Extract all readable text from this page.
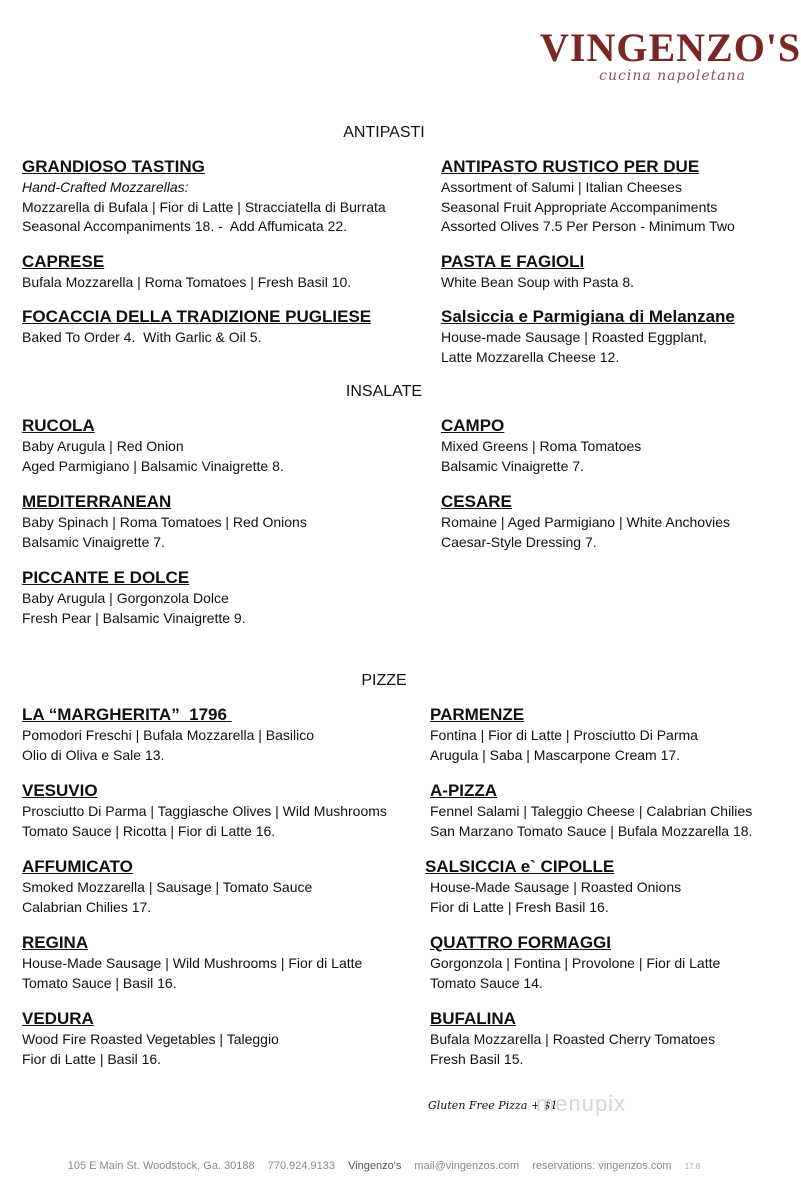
VINGENZO'S
cucina napoletana
ANTIPASTI
INSALATE
PIZZE
GRANDIOSO TASTING
Hand-Crafted Mozzarellas:
Mozzarella di Bufala | Fior di Latte | Stracciatella di Burrata
Seasonal Accompaniments 18. -  Add Affumicata 22.
ANTIPASTO RUSTICO PER DUE
Assortment of Salumi | Italian Cheeses
Seasonal Fruit Appropriate Accompaniments
Assorted Olives 7.5 Per Person - Minimum Two
CAPRESE
Bufala Mozzarella | Roma Tomatoes | Fresh Basil 10.
PASTA E FAGIOLI
White Bean Soup with Pasta 8.
FOCACCIA DELLA TRADIZIONE PUGLIESE
Baked To Order 4.  With Garlic & Oil 5.
Salsiccia e Parmigiana di Melanzane
House-made Sausage | Roasted Eggplant,
Latte Mozzarella Cheese 12.
RUCOLA
Baby Arugula | Red Onion
Aged Parmigiano | Balsamic Vinaigrette 8.
CAMPO
Mixed Greens | Roma Tomatoes
Balsamic Vinaigrette 7.
MEDITERRANEAN
Baby Spinach | Roma Tomatoes | Red Onions
Balsamic Vinaigrette 7.
CESARE
Romaine | Aged Parmigiano | White Anchovies
Caesar-Style Dressing 7.
PICCANTE E DOLCE
Baby Arugula | Gorgonzola Dolce
Fresh Pear | Balsamic Vinaigrette 9.
LA “MARGHERITA”  1796
Pomodori Freschi | Bufala Mozzarella | Basilico
Olio di Oliva e Sale 13.
PARMENZE
Fontina | Fior di Latte | Prosciutto Di Parma
Arugula | Saba | Mascarpone Cream 17.
VESUVIO
Prosciutto Di Parma | Taggiasche Olives | Wild Mushrooms
Tomato Sauce | Ricotta | Fior di Latte 16.
A-PIZZA
Fennel Salami | Taleggio Cheese | Calabrian Chilies
San Marzano Tomato Sauce | Bufala Mozzarella 18.
AFFUMICATO
Smoked Mozzarella | Sausage | Tomato Sauce
Calabrian Chilies 17.
SALSICCIA e` CIPOLLE
House-Made Sausage | Roasted Onions
Fior di Latte | Fresh Basil 16.
REGINA
House-Made Sausage | Wild Mushrooms | Fior di Latte
Tomato Sauce | Basil 16.
QUATTRO FORMAGGI
Gorgonzola | Fontina | Provolone | Fior di Latte
Tomato Sauce 14.
VEDURA
Wood Fire Roasted Vegetables | Taleggio
Fior di Latte | Basil 16.
BUFALINA
Bufala Mozzarella | Roasted Cherry Tomatoes
Fresh Basil 15.
Gluten Free Pizza + $1
menupix
105 E Main St. Woodstock, Ga. 30188 770.924.9133 Vingenzo's mail@vingenzos.com reservations: vingenzos.com 17.8
